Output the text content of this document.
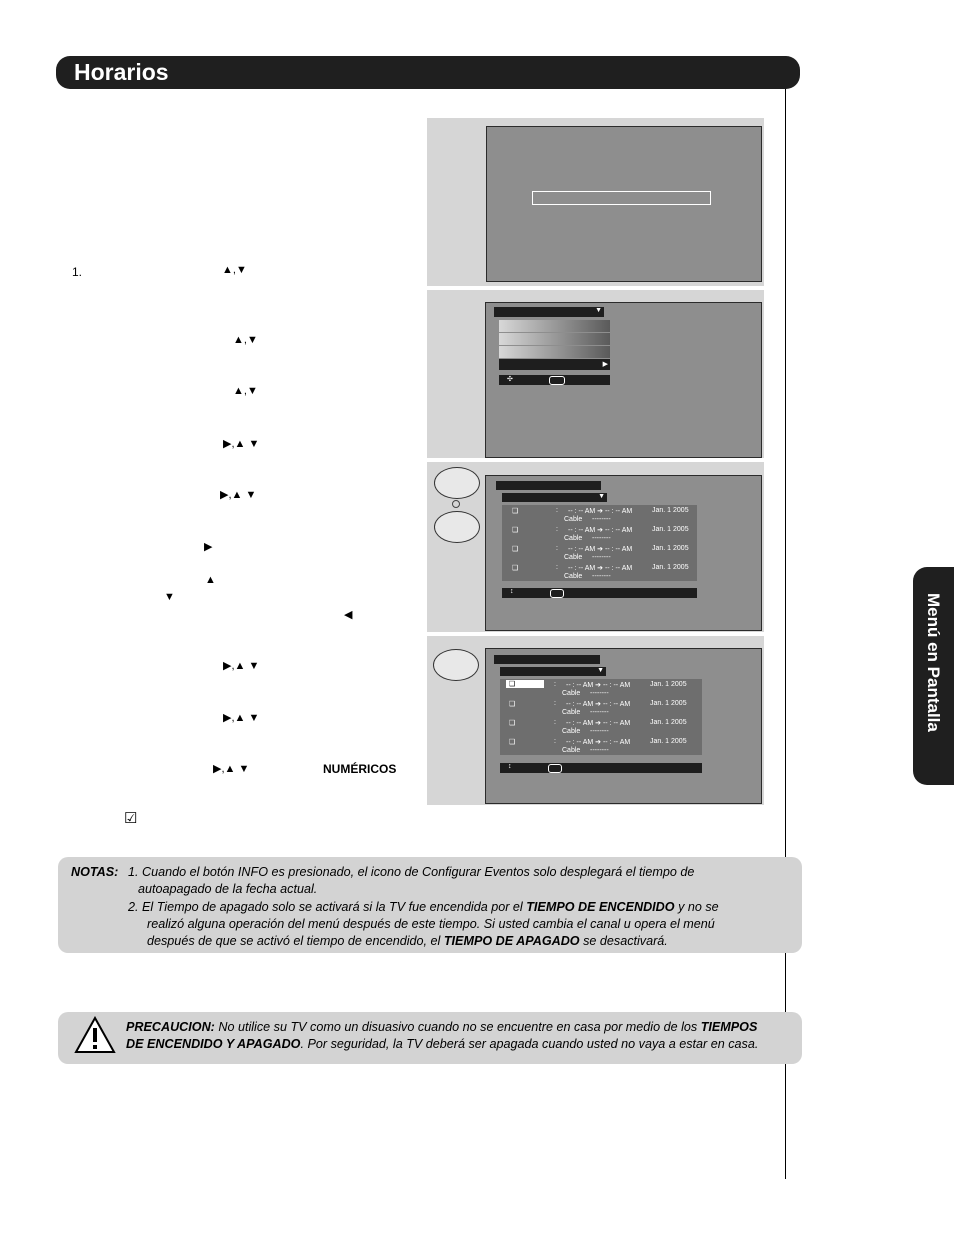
Horarios
Menú en Pantalla
1.	▲,▼
▲,▼
▲,▼
▶,▲ ▼
▶,▲ ▼
▶
▲
▼
◀
▶,▲ ▼
▶,▲ ▼
▶,▲ ▼	NUMÉRICOS
☑
▼
▶
✣
▼
❑	: -- : -- AM ➔ -- : -- AM	Jan. 1 2005
Cable --------
❑	: -- : -- AM ➔ -- : -- AM	Jan. 1 2005
Cable --------
❑	: -- : -- AM ➔ -- : -- AM	Jan. 1 2005
Cable --------
❑	: -- : -- AM ➔ -- : -- AM	Jan. 1 2005
Cable --------
↕
▼
❑	: -- : -- AM ➔ -- : -- AM	Jan. 1 2005
Cable --------
❑	: -- : -- AM ➔ -- : -- AM	Jan. 1 2005
Cable --------
❑	: -- : -- AM ➔ -- : -- AM	Jan. 1 2005
Cable --------
❑	: -- : -- AM ➔ -- : -- AM	Jan. 1 2005
Cable --------
↕
NOTAS: 1. Cuando el botón INFO es presionado, el icono de Configurar Eventos solo desplegará el tiempo de
autoapagado de la fecha actual.
2. El Tiempo de apagado solo se activará si la TV fue encendida por el TIEMPO DE ENCENDIDO y no se
realizó alguna operación del menú después de este tiempo. Si usted cambia el canal u opera el menú
después de que se activó el tiempo de encendido, el TIEMPO DE APAGADO se desactivará.
PRECAUCION: No utilice su TV como un disuasivo cuando no se encuentre en casa por medio de los TIEMPOS
DE ENCENDIDO Y APAGADO. Por seguridad, la TV deberá ser apagada cuando usted no vaya a estar en casa.
